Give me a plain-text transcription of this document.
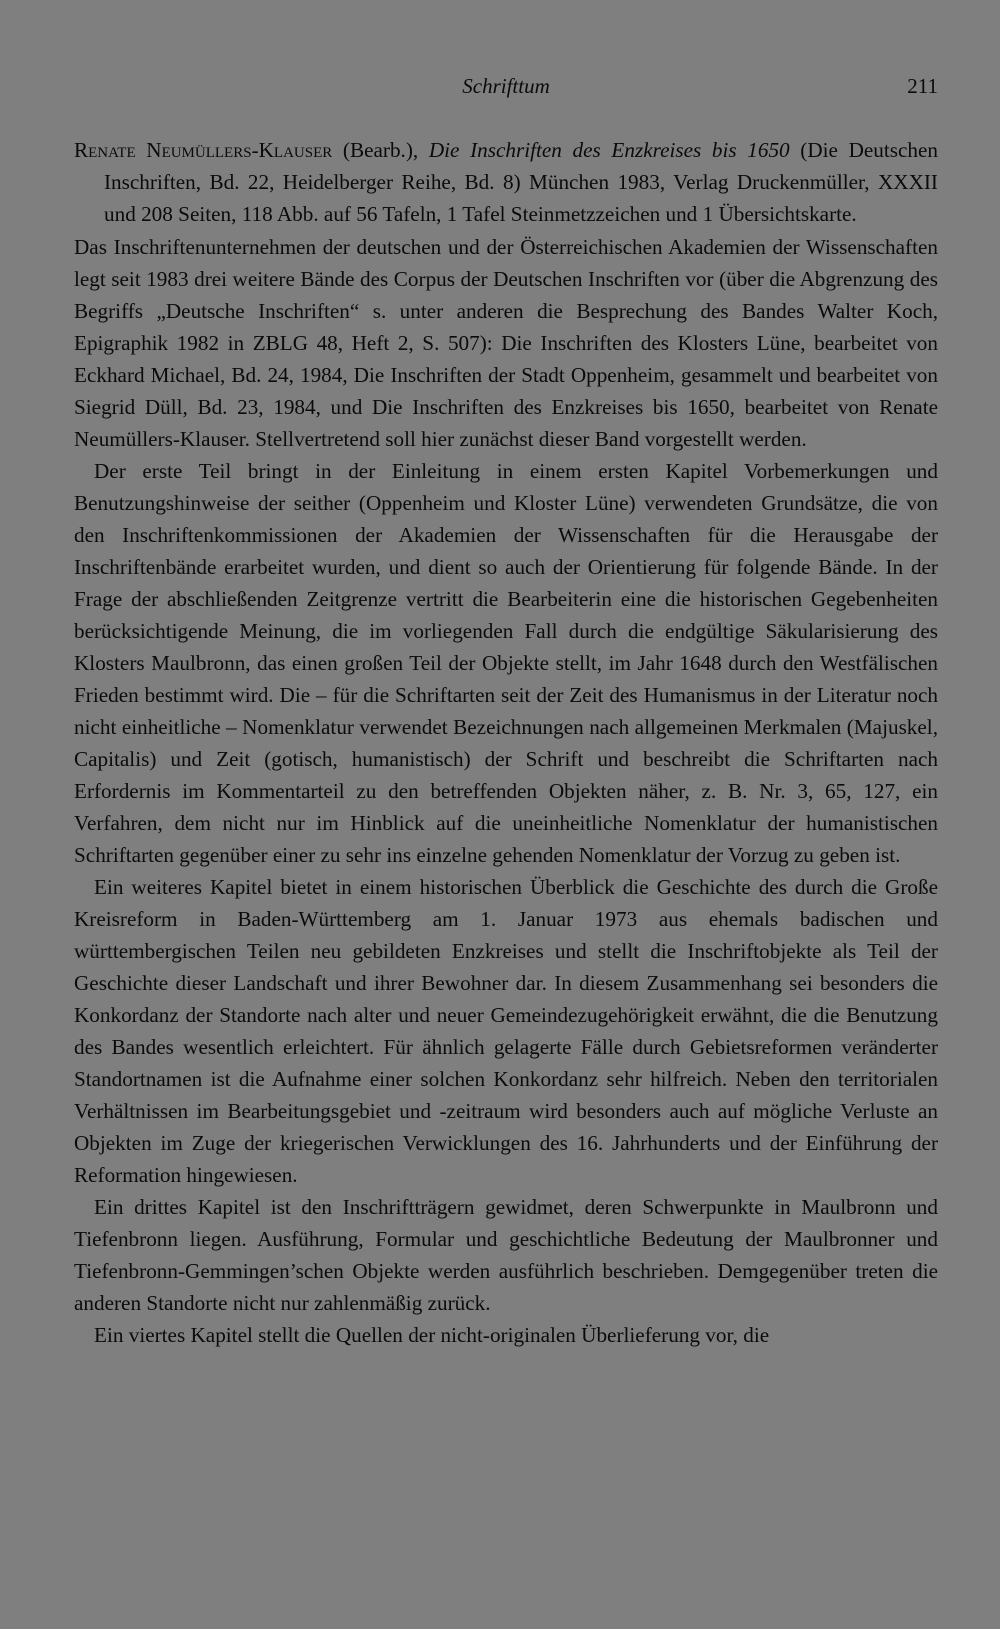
Schrifttum	211

Renate Neumüllers-Klauser (Bearb.), Die Inschriften des Enzkreises bis 1650 (Die Deutschen Inschriften, Bd. 22, Heidelberger Reihe, Bd. 8) München 1983, Verlag Druckenmüller, XXXII und 208 Seiten, 118 Abb. auf 56 Tafeln, 1 Tafel Steinmetzzeichen und 1 Übersichtskarte.

Das Inschriftenunternehmen der deutschen und der Österreichischen Akademien der Wissenschaften legt seit 1983 drei weitere Bände des Corpus der Deutschen Inschriften vor (über die Abgrenzung des Begriffs „Deutsche Inschriften“ s. unter anderen die Besprechung des Bandes Walter Koch, Epigraphik 1982 in ZBLG 48, Heft 2, S. 507): Die Inschriften des Klosters Lüne, bearbeitet von Eckhard Michael, Bd. 24, 1984, Die Inschriften der Stadt Oppenheim, gesammelt und bearbeitet von Siegrid Düll, Bd. 23, 1984, und Die Inschriften des Enzkreises bis 1650, bearbeitet von Renate Neumüllers-Klauser. Stellvertretend soll hier zunächst dieser Band vorgestellt werden.

Der erste Teil bringt in der Einleitung in einem ersten Kapitel Vorbemerkungen und Benutzungshinweise der seither (Oppenheim und Kloster Lüne) verwendeten Grundsätze, die von den Inschriftenkommissionen der Akademien der Wissenschaften für die Herausgabe der Inschriftenbände erarbeitet wurden, und dient so auch der Orientierung für folgende Bände. In der Frage der abschließenden Zeitgrenze vertritt die Bearbeiterin eine die historischen Gegebenheiten berücksichtigende Meinung, die im vorliegenden Fall durch die endgültige Säkularisierung des Klosters Maulbronn, das einen großen Teil der Objekte stellt, im Jahr 1648 durch den Westfälischen Frieden bestimmt wird. Die – für die Schriftarten seit der Zeit des Humanismus in der Literatur noch nicht einheitliche – Nomenklatur verwendet Bezeichnungen nach allgemeinen Merkmalen (Majuskel, Capitalis) und Zeit (gotisch, humanistisch) der Schrift und beschreibt die Schriftarten nach Erfordernis im Kommentarteil zu den betreffenden Objekten näher, z. B. Nr. 3, 65, 127, ein Verfahren, dem nicht nur im Hinblick auf die uneinheitliche Nomenklatur der humanistischen Schriftarten gegenüber einer zu sehr ins einzelne gehenden Nomenklatur der Vorzug zu geben ist.

Ein weiteres Kapitel bietet in einem historischen Überblick die Geschichte des durch die Große Kreisreform in Baden-Württemberg am 1. Januar 1973 aus ehemals badischen und württembergischen Teilen neu gebildeten Enzkreises und stellt die Inschriftobjekte als Teil der Geschichte dieser Landschaft und ihrer Bewohner dar. In diesem Zusammenhang sei besonders die Konkordanz der Standorte nach alter und neuer Gemeindezugehörigkeit erwähnt, die die Benutzung des Bandes wesentlich erleichtert. Für ähnlich gelagerte Fälle durch Gebietsreformen veränderter Standortnamen ist die Aufnahme einer solchen Konkordanz sehr hilfreich. Neben den territorialen Verhältnissen im Bearbeitungsgebiet und -zeitraum wird besonders auch auf mögliche Verluste an Objekten im Zuge der kriegerischen Verwicklungen des 16. Jahrhunderts und der Einführung der Reformation hingewiesen.

Ein drittes Kapitel ist den Inschriftträgern gewidmet, deren Schwerpunkte in Maulbronn und Tiefenbronn liegen. Ausführung, Formular und geschichtliche Bedeutung der Maulbronner und Tiefenbronn-Gemmingen’schen Objekte werden ausführlich beschrieben. Demgegenüber treten die anderen Standorte nicht nur zahlenmäßig zurück.

Ein viertes Kapitel stellt die Quellen der nicht-originalen Überlieferung vor, die
